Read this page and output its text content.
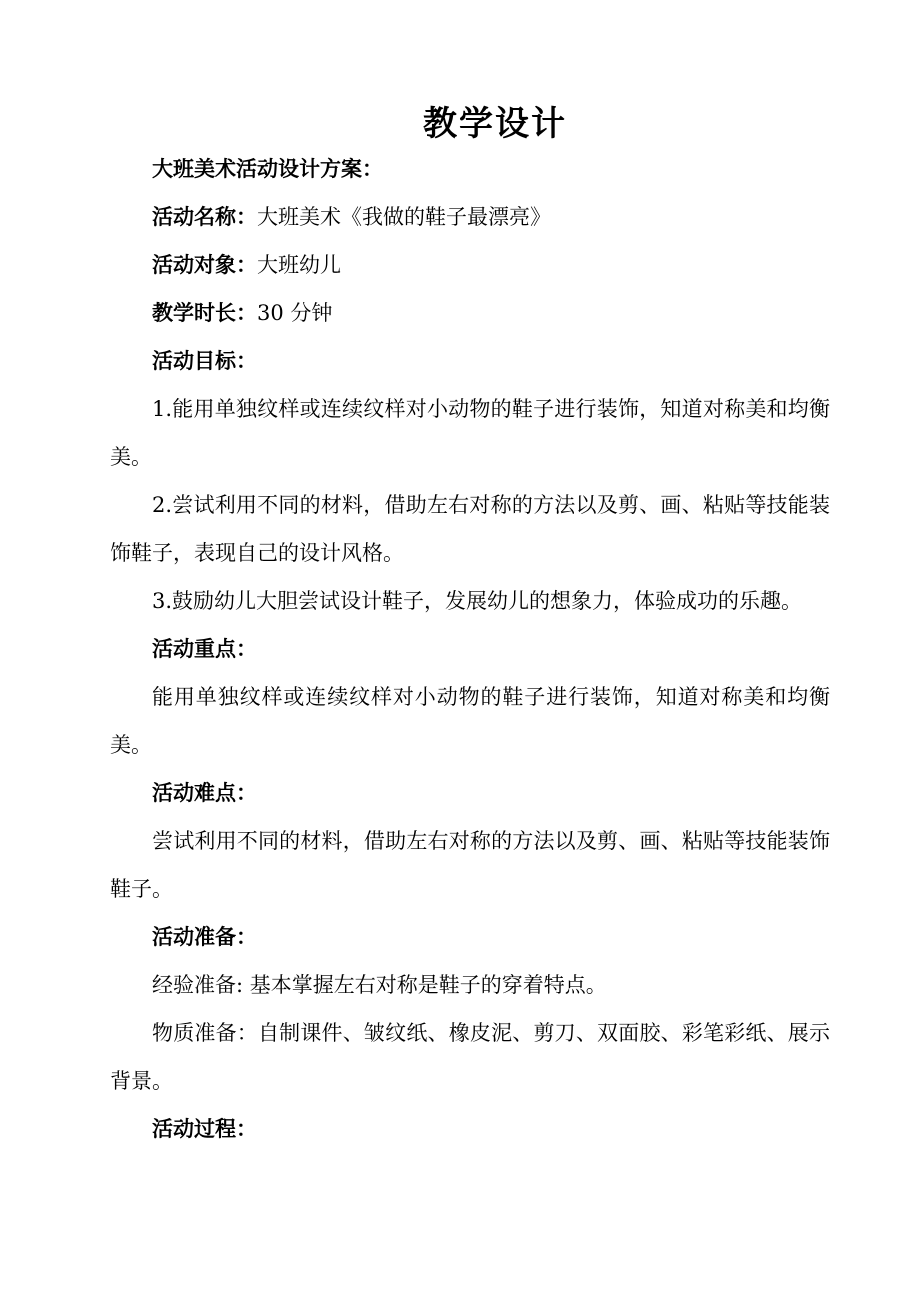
教学设计

大班美术活动设计方案：

活动名称：大班美术《我做的鞋子最漂亮》

活动对象：大班幼儿

教学时长：30 分钟

活动目标：

1.能用单独纹样或连续纹样对小动物的鞋子进行装饰，知道对称美和均衡美。

2.尝试利用不同的材料，借助左右对称的方法以及剪、画、粘贴等技能装饰鞋子，表现自己的设计风格。

3.鼓励幼儿大胆尝试设计鞋子，发展幼儿的想象力，体验成功的乐趣。

活动重点：

能用单独纹样或连续纹样对小动物的鞋子进行装饰，知道对称美和均衡美。

活动难点：

尝试利用不同的材料，借助左右对称的方法以及剪、画、粘贴等技能装饰鞋子。

活动准备：

经验准备: 基本掌握左右对称是鞋子的穿着特点。

物质准备：自制课件、皱纹纸、橡皮泥、剪刀、双面胶、彩笔彩纸、展示背景。

活动过程：
